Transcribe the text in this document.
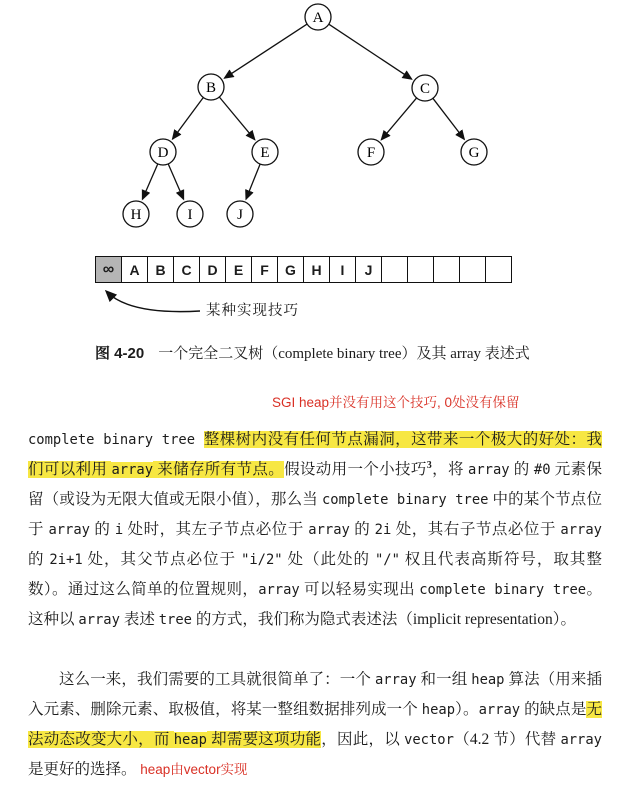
A
B	C
D	E	F	G
H	I	J
∞	A	B	C	D	E	F	G	H	I	J
某种实现技巧
图 4-20 一个完全二叉树（complete binary tree）及其 array 表述式
SGI heap并没有用这个技巧, 0处没有保留

complete binary tree 整棵树内没有任何节点漏洞，这带来一个极大的好处：我们可以利用 array 来储存所有节点。假设动用一个小技巧$^3$，将 array 的 #0 元素保留（或设为无限大值或无限小值），那么当 complete binary tree 中的某个节点位于 array 的 i 处时，其左子节点必位于 array 的 2i 处，其右子节点必位于 array 的 2i+1 处，其父节点必位于 "i/2" 处（此处的 "/" 权且代表高斯符号，取其整数）。通过这么简单的位置规则，array 可以轻易实现出 complete binary tree。这种以 array 表述 tree 的方式，我们称为隐式表述法（implicit representation）。

这么一来，我们需要的工具就很简单了：一个 array 和一组 heap 算法（用来插入元素、删除元素、取极值，将某一整组数据排列成一个 heap）。array 的缺点是无法动态改变大小，而 heap 却需要这项功能，因此，以 vector（4.2 节）代替 array 是更好的选择。 heap由vector实现
